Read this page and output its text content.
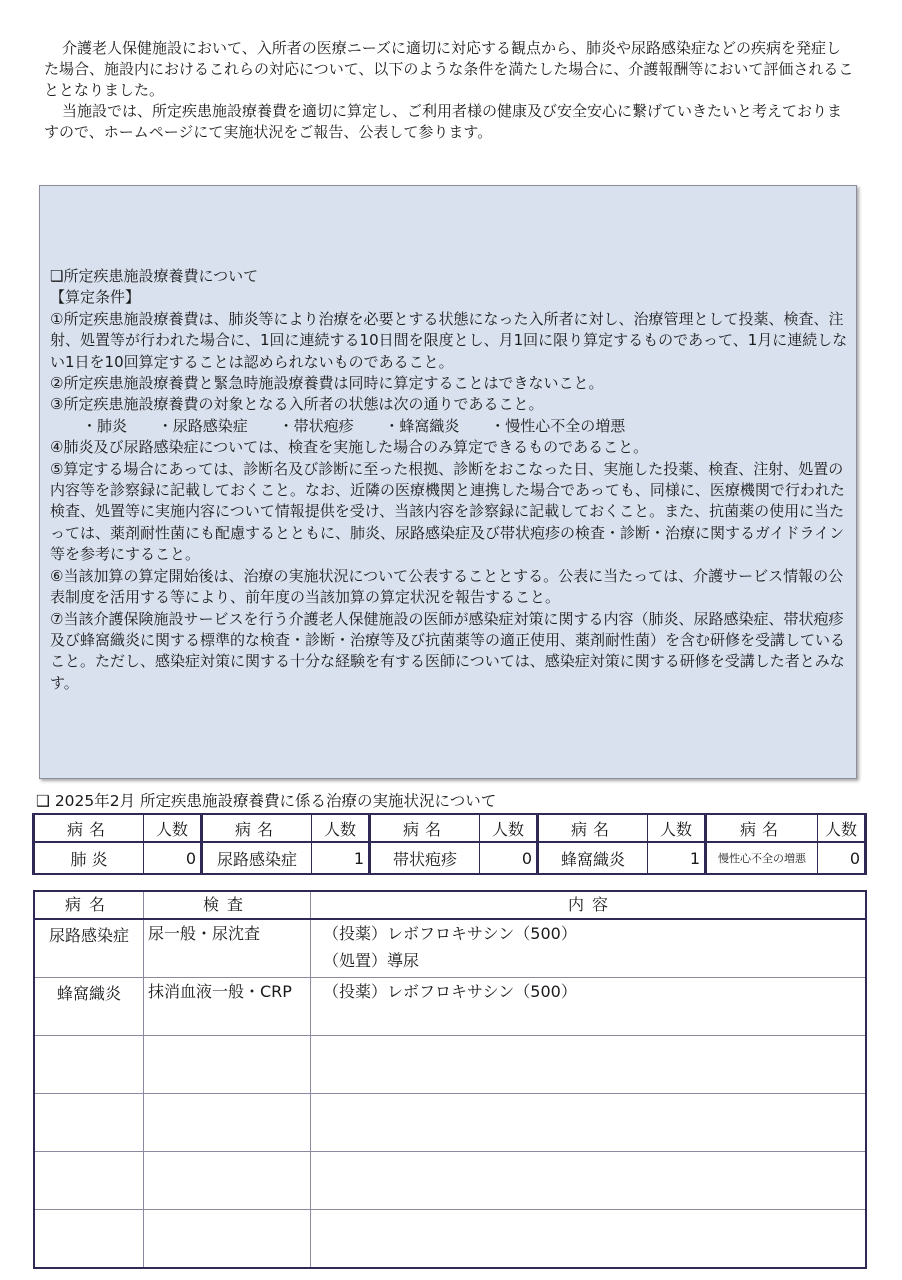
介護老人保健施設において、入所者の医療ニーズに適切に対応する観点から、肺炎や尿路感染症などの疾病を発症した場合、施設内におけるこれらの対応について、以下のような条件を満たした場合に、介護報酬等において評価されることとなりました。

当施設では、所定疾患施設療養費を適切に算定し、ご利用者様の健康及び安全安心に繋げていきたいと考えておりますので、ホームページにて実施状況をご報告、公表して参ります。

❑所定疾患施設療養費について
【算定条件】
①所定疾患施設療養費は、肺炎等により治療を必要とする状態になった入所者に対し、治療管理として投薬、検査、注射、処置等が行われた場合に、1回に連続する10日間を限度とし、月1回に限り算定するものであって、1月に連続しない1日を10回算定することは認められないものであること。
②所定疾患施設療養費と緊急時施設療養費は同時に算定することはできないこと。
③所定疾患施設療養費の対象となる入所者の状態は次の通りであること。
・肺炎 ・尿路感染症 ・帯状疱疹 ・蜂窩織炎 ・慢性心不全の増悪
④肺炎及び尿路感染症については、検査を実施した場合のみ算定できるものであること。
⑤算定する場合にあっては、診断名及び診断に至った根拠、診断をおこなった日、実施した投薬、検査、注射、処置の内容等を診察録に記載しておくこと。なお、近隣の医療機関と連携した場合であっても、同様に、医療機関で行われた検査、処置等に実施内容について情報提供を受け、当該内容を診察録に記載しておくこと。また、抗菌薬の使用に当たっては、薬剤耐性菌にも配慮するとともに、肺炎、尿路感染症及び帯状疱疹の検査・診断・治療に関するガイドライン等を参考にすること。
⑥当該加算の算定開始後は、治療の実施状況について公表することとする。公表に当たっては、介護サービス情報の公表制度を活用する等により、前年度の当該加算の算定状況を報告すること。
⑦当該介護保険施設サービスを行う介護老人保健施設の医師が感染症対策に関する内容（肺炎、尿路感染症、帯状疱疹及び蜂窩織炎に関する標準的な検査・診断・治療等及び抗菌薬等の適正使用、薬剤耐性菌）を含む研修を受講していること。ただし、感染症対策に関する十分な経験を有する医師については、感染症対策に関する研修を受講した者とみなす。
❑ 2025年2月 所定疾患施設療養費に係る治療の実施状況について
病名	人数	病名	人数	病名	人数	病名	人数	病名	人数
肺 炎	0	尿路感染症	1	帯状疱疹	0	蜂窩織炎	1	慢性心不全の増悪	0
病名	検査	内容
尿路感染症	尿一般・尿沈査	（投薬）レボフロキサシン（500）
（処置）導尿

蜂窩織炎	抹消血液一般・CRP	（投薬）レボフロキサシン（500）
